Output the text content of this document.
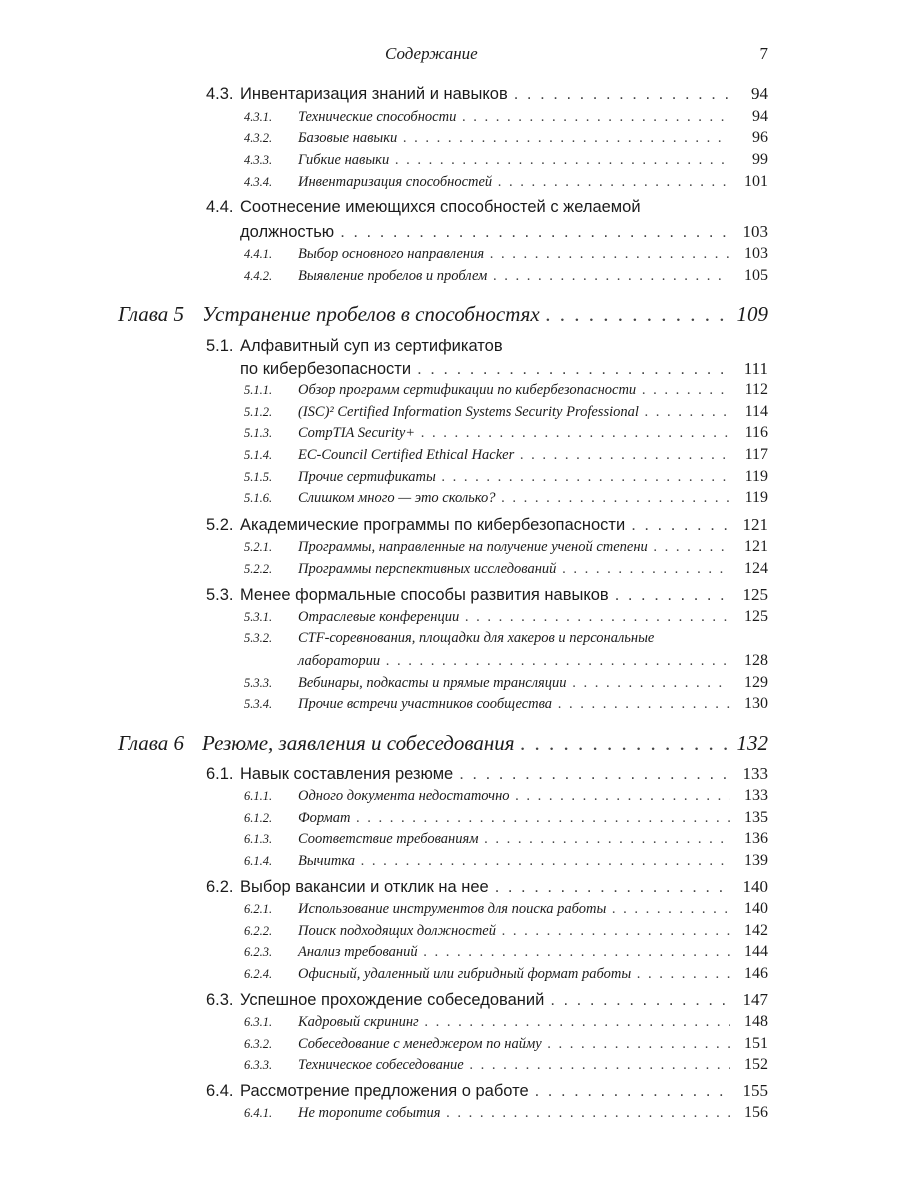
Содержание	7
4.3. Инвентаризация знаний и навыков . . .	94
4.3.1.	Технические способности . . .	94
4.3.2.	Базовые навыки . . .	96
4.3.3.	Гибкие навыки . . .	99
4.3.4.	Инвентаризация способностей . . .	101
4.4. Соотнесение имеющихся способностей с желаемой
должностью . . .	103
4.4.1.	Выбор основного направления . . .	103
4.4.2.	Выявление пробелов и проблем . . .	105
Глава 5 Устранение пробелов в способностях . . .	109
5.1. Алфавитный суп из сертификатов
по кибербезопасности . . .	111
5.1.1.	Обзор программ сертификации по кибербезопасности . . .	112
5.1.2.	(ISC)² Certified Information Systems Security Professional . . .	114
5.1.3.	CompTIA Security+ . . .	116
5.1.4.	EC-Council Certified Ethical Hacker . . .	117
5.1.5.	Прочие сертификаты . . .	119
5.1.6.	Слишком много — это сколько? . . .	119
5.2. Академические программы по кибербезопасности . . .	121
5.2.1.	Программы, направленные на получение ученой степени . . .	121
5.2.2.	Программы перспективных исследований . . .	124
5.3. Менее формальные способы развития навыков . . .	125
5.3.1.	Отраслевые конференции . . .	125
5.3.2. CTF-соревнования, площадки для хакеров и персональные
лаборатории . . .	128
5.3.3.	Вебинары, подкасты и прямые трансляции . . .	129
5.3.4.	Прочие встречи участников сообщества . . .	130
Глава 6 Резюме, заявления и собеседования . . .	132
6.1. Навык составления резюме . . .	133
6.1.1.	Одного документа недостаточно . . .	133
6.1.2.	Формат . . .	135
6.1.3.	Соответствие требованиям . . .	136
6.1.4.	Вычитка . . .	139
6.2. Выбор вакансии и отклик на нее . . .	140
6.2.1.	Использование инструментов для поиска работы . . .	140
6.2.2.	Поиск подходящих должностей . . .	142
6.2.3.	Анализ требований . . .	144
6.2.4.	Офисный, удаленный или гибридный формат работы . . .	146
6.3. Успешное прохождение собеседований . . .	147
6.3.1.	Кадровый скрининг . . .	148
6.3.2.	Собеседование с менеджером по найму . . .	151
6.3.3.	Техническое собеседование . . .	152
6.4. Рассмотрение предложения о работе . . .	155
6.4.1.	Не торопите события . . .	156
